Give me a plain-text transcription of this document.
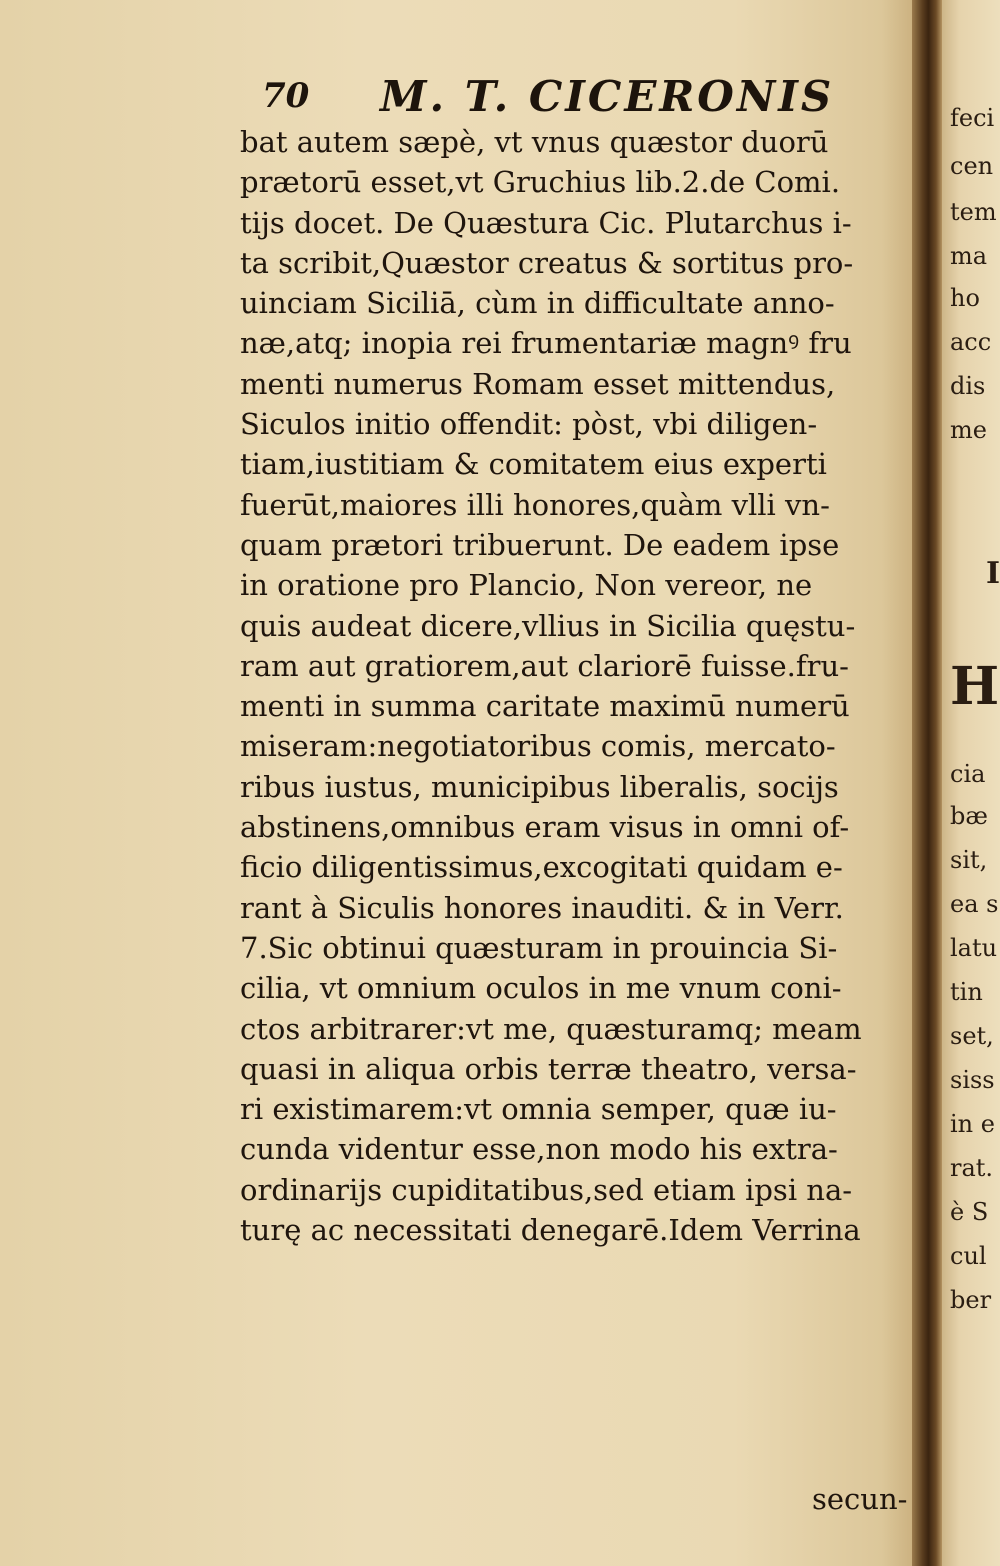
70 M. T. CICERONIS
bat autem sæpè, vt vnus quæstor duorū
prætorū esset,vt Gruchius lib.2.de Comi.
tijs docet. De Quæstura Cic. Plutarchus i-
ta scribit,Quæstor creatus & sortitus pro-
uinciam Siciliā, cùm in difficultate anno-
næ,atq; inopia rei frumentariæ magnꝰ fru
menti numerus Romam esset mittendus,
Siculos initio offendit: pòst, vbi diligen-
tiam,iustitiam & comitatem eius experti
fuerūt,maiores illi honores,quàm vlli vn-
quam prætori tribuerunt. De eadem ipse
in oratione pro Plancio, Non vereor, ne
quis audeat dicere,vllius in Sicilia quęstu-
ram aut gratiorem,aut clariorē fuisse.fru-
menti in summa caritate maximū numerū
miseram:negotiatoribus comis, mercato-
ribus iustus, municipibus liberalis, socijs
abstinens,omnibus eram visus in omni of-
ficio diligentissimus,excogitati quidam e-
rant à Siculis honores inauditi. & in Verr.
7.Sic obtinui quæsturam in prouincia Si-
cilia, vt omnium oculos in me vnum coni-
ctos arbitrarer:vt me, quæsturamq; meam
quasi in aliqua orbis terræ theatro, versa-
ri existimarem:vt omnia semper, quæ iu-
cunda videntur esse,non modo his extra-
ordinarijs cupiditatibus,sed etiam ipsi na-
turę ac necessitati denegarē.Idem Verrina
secun-
feci
cen
tem
ma
ho
acc
dis
me
I
H
cia
bæ
sit,
ea s
latu
tin
set,
siss
in e
rat.
è S
cul
ber
